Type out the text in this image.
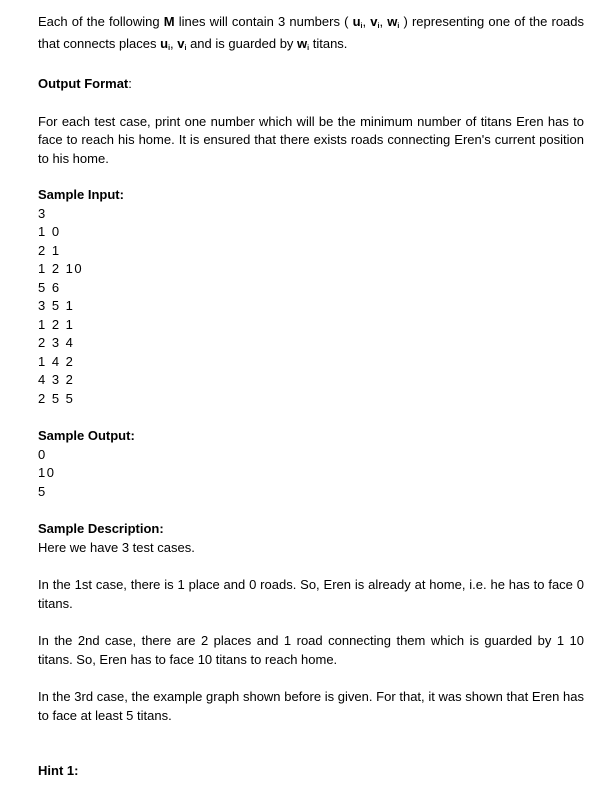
Each of the following M lines will contain 3 numbers ( $u_i$, $v_i$, $w_i$ ) representing one of the roads that connects places $u_i$, $v_i$ and is guarded by $w_i$ titans.

Output Format:

For each test case, print one number which will be the minimum number of titans Eren has to face to reach his home. It is ensured that there exists roads connecting Eren's current position to his home.

Sample Input:

3

1 0

2 1

1 2 10

5 6

3 5 1

1 2 1

2 3 4

1 4 2

4 3 2

2 5 5

Sample Output:

0

10

5

Sample Description:

Here we have 3 test cases.

In the 1st case, there is 1 place and 0 roads. So, Eren is already at home, i.e. he has to face 0 titans.

In the 2nd case, there are 2 places and 1 road connecting them which is guarded by 1 10 titans. So, Eren has to face 10 titans to reach home.

In the 3rd case, the example graph shown before is given. For that, it was shown that Eren has to face at least 5 titans.

Hint 1:
